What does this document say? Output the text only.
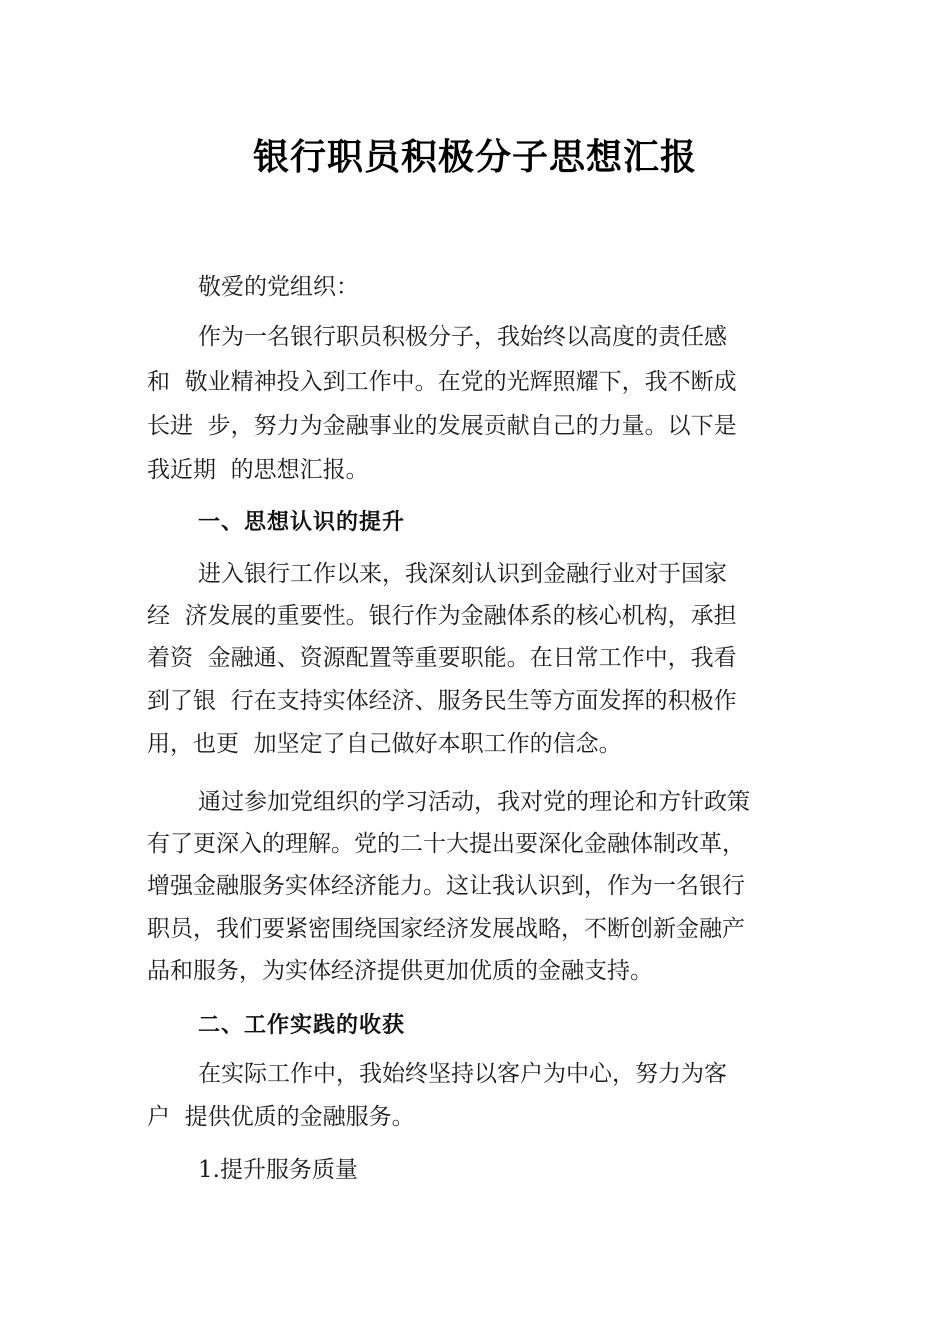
银行职员积极分子思想汇报
敬爱的党组织：
作为一名银行职员积极分子，我始终以高度的责任感
和  敬业精神投入到工作中。在党的光辉照耀下，我不断成
长进  步，努力为金融事业的发展贡献自己的力量。以下是
我近期  的思想汇报。
一、思想认识的提升
进入银行工作以来，我深刻认识到金融行业对于国家
经  济发展的重要性。银行作为金融体系的核心机构，承担
着资  金融通、资源配置等重要职能。在日常工作中，我看
到了银  行在支持实体经济、服务民生等方面发挥的积极作
用，也更  加坚定了自己做好本职工作的信念。
通过参加党组织的学习活动，我对党的理论和方针政策
有了更深入的理解。党的二十大提出要深化金融体制改革，
增强金融服务实体经济能力。这让我认识到，作为一名银行
职员，我们要紧密围绕国家经济发展战略，不断创新金融产
品和服务，为实体经济提供更加优质的金融支持。
二、工作实践的收获
在实际工作中，我始终坚持以客户为中心，努力为客
户  提供优质的金融服务。
1.提升服务质量
